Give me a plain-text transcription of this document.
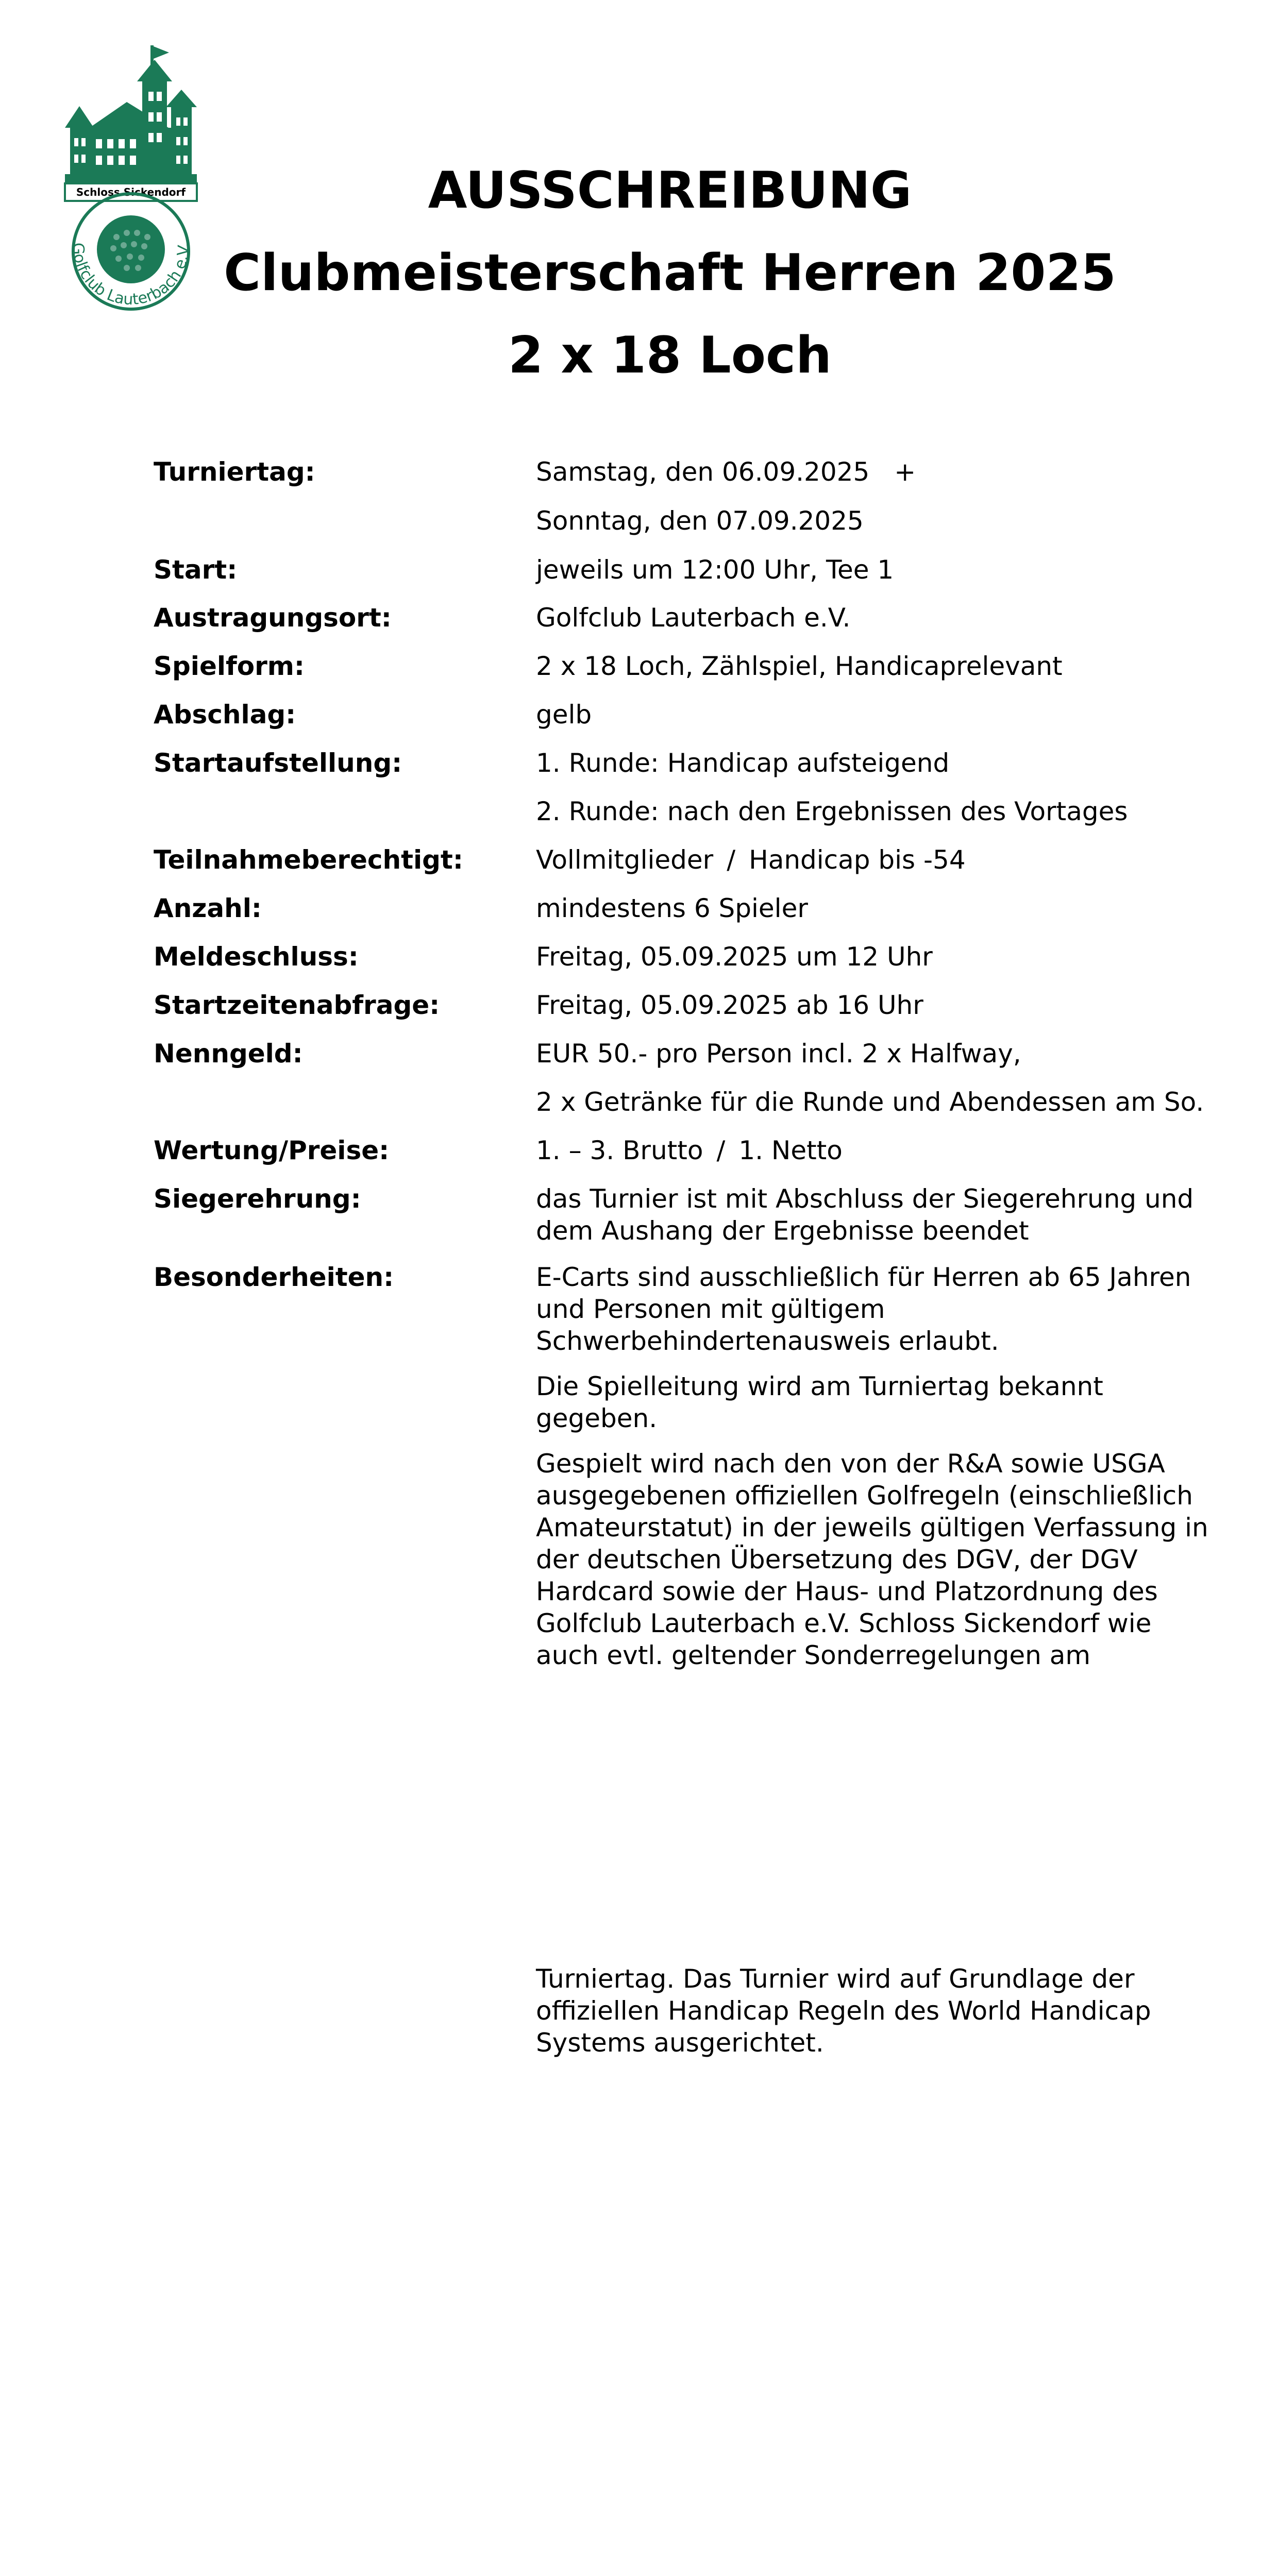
Schloss Sickendorf
Golfclub Lauterbach e.V.
AUSSCHREIBUNG
Clubmeisterschaft Herren 2025
2 x 18 Loch
Turniertag:	Samstag, den 06.09.2025 +
Sonntag, den 07.09.2025
Start:	jeweils um 12:00 Uhr, Tee 1
Austragungsort:	Golfclub Lauterbach e.V.
Spielform:	2 x 18 Loch, Zählspiel, Handicaprelevant
Abschlag:	gelb
Startaufstellung:	1. Runde: Handicap aufsteigend
2. Runde: nach den Ergebnissen des Vortages
Teilnahmeberechtigt:	Vollmitglieder / Handicap bis -54
Anzahl:	mindestens 6 Spieler
Meldeschluss:	Freitag, 05.09.2025 um 12 Uhr
Startzeitenabfrage:	Freitag, 05.09.2025 ab 16 Uhr
Nenngeld:	EUR 50.- pro Person incl. 2 x Halfway,
2 x Getränke für die Runde und Abendessen am So.
Wertung/Preise:	1. – 3. Brutto / 1. Netto
Siegerehrung:	das Turnier ist mit Abschluss der Siegerehrung und
dem Aushang der Ergebnisse beendet
Besonderheiten:	E-Carts sind ausschließlich für Herren ab 65 Jahren
und Personen mit gültigem
Schwerbehindertenausweis erlaubt.
Die Spielleitung wird am Turniertag bekannt
gegeben.
Gespielt wird nach den von der R&A sowie USGA
ausgegebenen offiziellen Golfregeln (einschließlich
Amateurstatut) in der jeweils gültigen Verfassung in
der deutschen Übersetzung des DGV, der DGV
Hardcard sowie der Haus- und Platzordnung des
Golfclub Lauterbach e.V. Schloss Sickendorf wie
auch evtl. geltender Sonderregelungen am
Turniertag. Das Turnier wird auf Grundlage der
offiziellen Handicap Regeln des World Handicap
Systems ausgerichtet.
